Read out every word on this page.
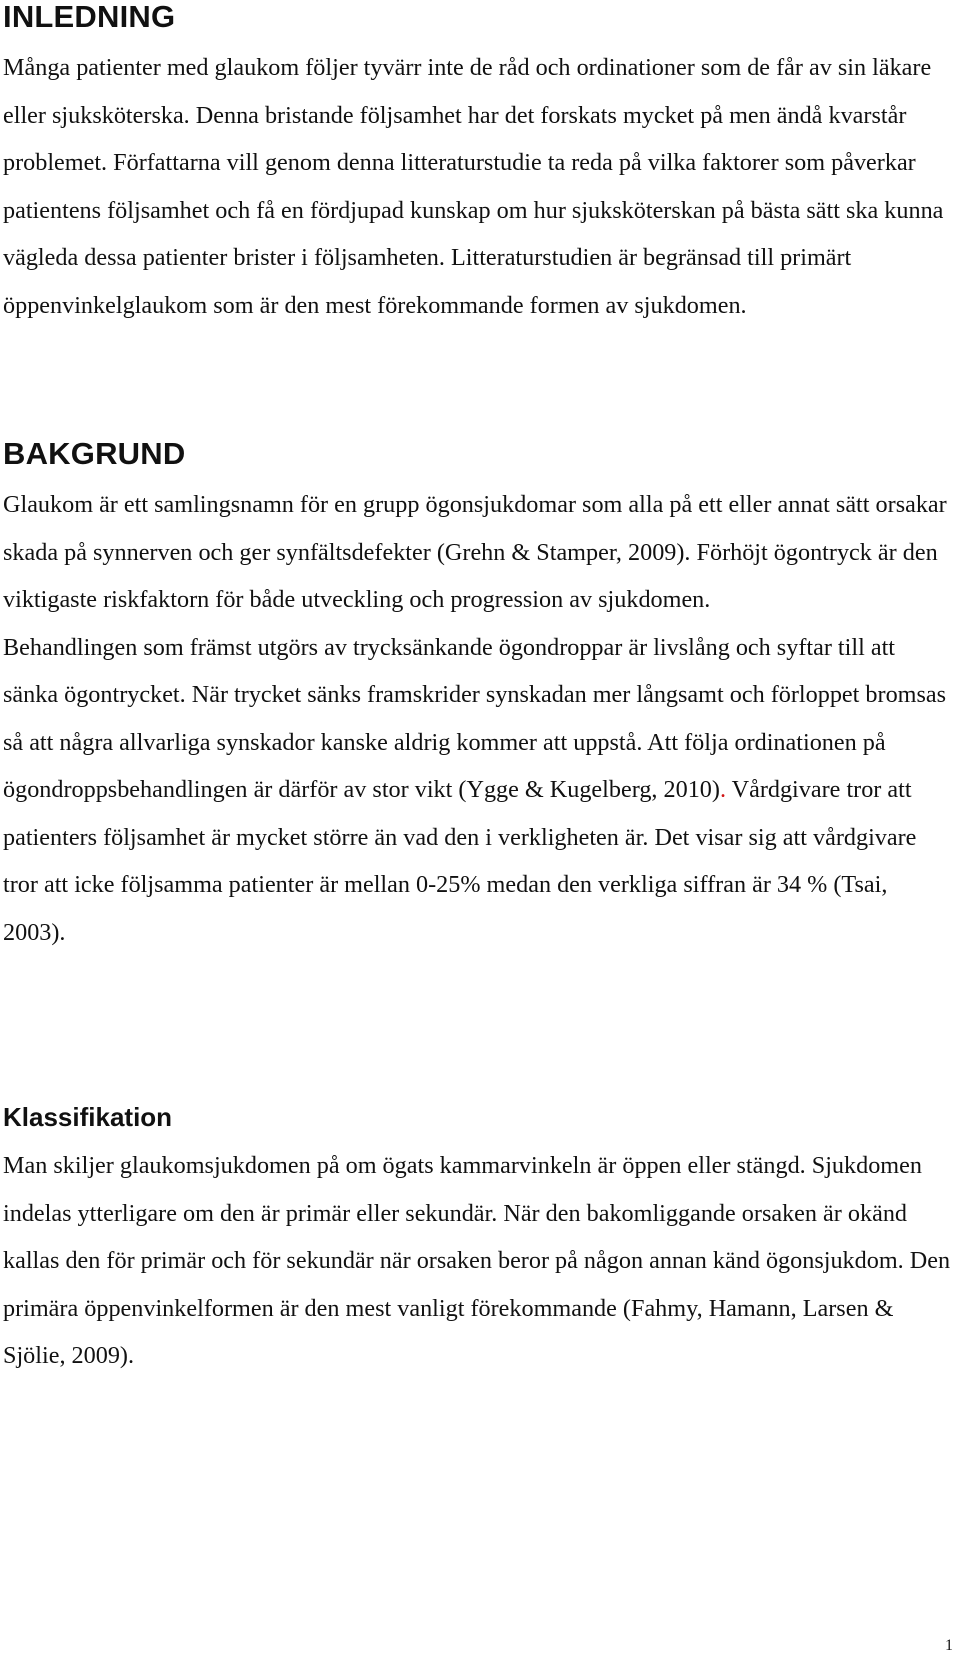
INLEDNING

Många patienter med glaukom följer tyvärr inte de råd och ordinationer som de får av sin läkare eller sjuksköterska. Denna bristande följsamhet har det forskats mycket på men ändå kvarstår problemet. Författarna vill genom denna litteraturstudie ta reda på vilka faktorer som påverkar patientens följsamhet och få en fördjupad kunskap om hur sjuksköterskan på bästa sätt ska kunna vägleda dessa patienter brister i följsamheten. Litteraturstudien är begränsad till primärt öppenvinkelglaukom som är den mest förekommande formen av sjukdomen.

BAKGRUND

Glaukom är ett samlingsnamn för en grupp ögonsjukdomar som alla på ett eller annat sätt orsakar skada på synnerven och ger synfältsdefekter (Grehn & Stamper, 2009). Förhöjt ögontryck är den viktigaste riskfaktorn för både utveckling och progression av sjukdomen.

Behandlingen som främst utgörs av trycksänkande ögondroppar är livslång och syftar till att sänka ögontrycket. När trycket sänks framskrider synskadan mer långsamt och förloppet bromsas så att några allvarliga synskador kanske aldrig kommer att uppstå. Att följa ordinationen på ögondroppsbehandlingen är därför av stor vikt (Ygge & Kugelberg, 2010). Vårdgivare tror att patienters följsamhet är mycket större än vad den i verkligheten är. Det visar sig att vårdgivare tror att icke följsamma patienter är mellan 0-25% medan den verkliga siffran är 34 % (Tsai, 2003).

Klassifikation

Man skiljer glaukomsjukdomen på om ögats kammarvinkeln är öppen eller stängd. Sjukdomen indelas ytterligare om den är primär eller sekundär. När den bakomliggande orsaken är okänd kallas den för primär och för sekundär när orsaken beror på någon annan känd ögonsjukdom. Den primära öppenvinkelformen är den mest vanligt förekommande (Fahmy, Hamann, Larsen & Sjölie, 2009).

1
